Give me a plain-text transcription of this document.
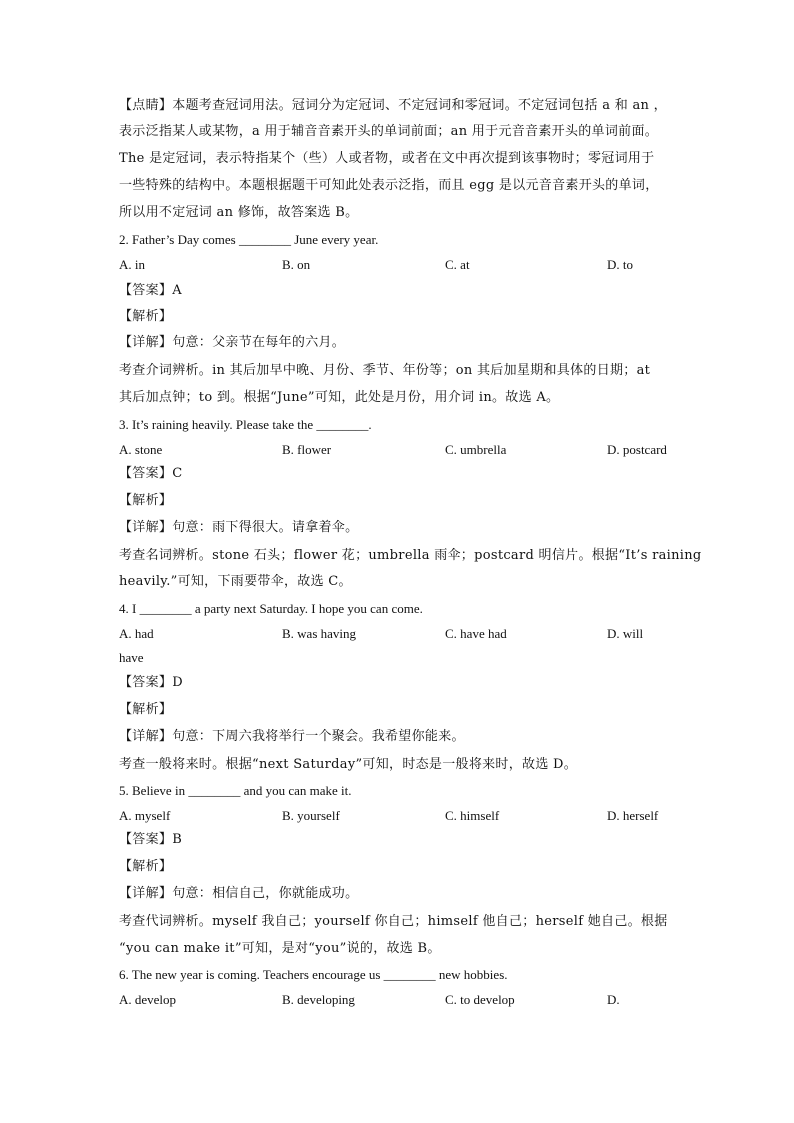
【点睛】本题考查冠词用法。冠词分为定冠词、不定冠词和零冠词。不定冠词包括 a 和 an ，
表示泛指某人或某物，a 用于辅音音素开头的单词前面；an 用于元音音素开头的单词前面。
The 是定冠词，表示特指某个（些）人或者物，或者在文中再次提到该事物时；零冠词用于
一些特殊的结构中。本题根据题干可知此处表示泛指，而且 egg 是以元音音素开头的单词，
所以用不定冠词 an 修饰，故答案选 B。
2. Father’s Day comes ________ June every year.
A. in	B. on	C. at	D. to
【答案】A
【解析】
【详解】句意：父亲节在每年的六月。
考查介词辨析。in 其后加早中晚、月份、季节、年份等；on 其后加星期和具体的日期；at
其后加点钟；to 到。根据“June”可知，此处是月份，用介词 in。故选 A。
3. It’s raining heavily. Please take the ________.
A. stone	B. flower	C. umbrella	D. postcard
【答案】C
【解析】
【详解】句意：雨下得很大。请拿着伞。
考查名词辨析。stone 石头；flower 花；umbrella 雨伞；postcard 明信片。根据“It’s raining
heavily.”可知，下雨要带伞，故选 C。
4. I ________ a party next Saturday. I hope you can come.
A. had	B. was having	C. have had	D. will
have
【答案】D
【解析】
【详解】句意：下周六我将举行一个聚会。我希望你能来。
考查一般将来时。根据“next Saturday”可知，时态是一般将来时，故选 D。
5. Believe in ________ and you can make it.
A. myself	B. yourself	C. himself	D. herself
【答案】B
【解析】
【详解】句意：相信自己，你就能成功。
考查代词辨析。myself 我自己；yourself 你自己；himself 他自己；herself 她自己。根据
“you can make it”可知，是对“you”说的，故选 B。
6. The new year is coming. Teachers encourage us ________ new hobbies.
A. develop	B. developing	C. to develop	D.
